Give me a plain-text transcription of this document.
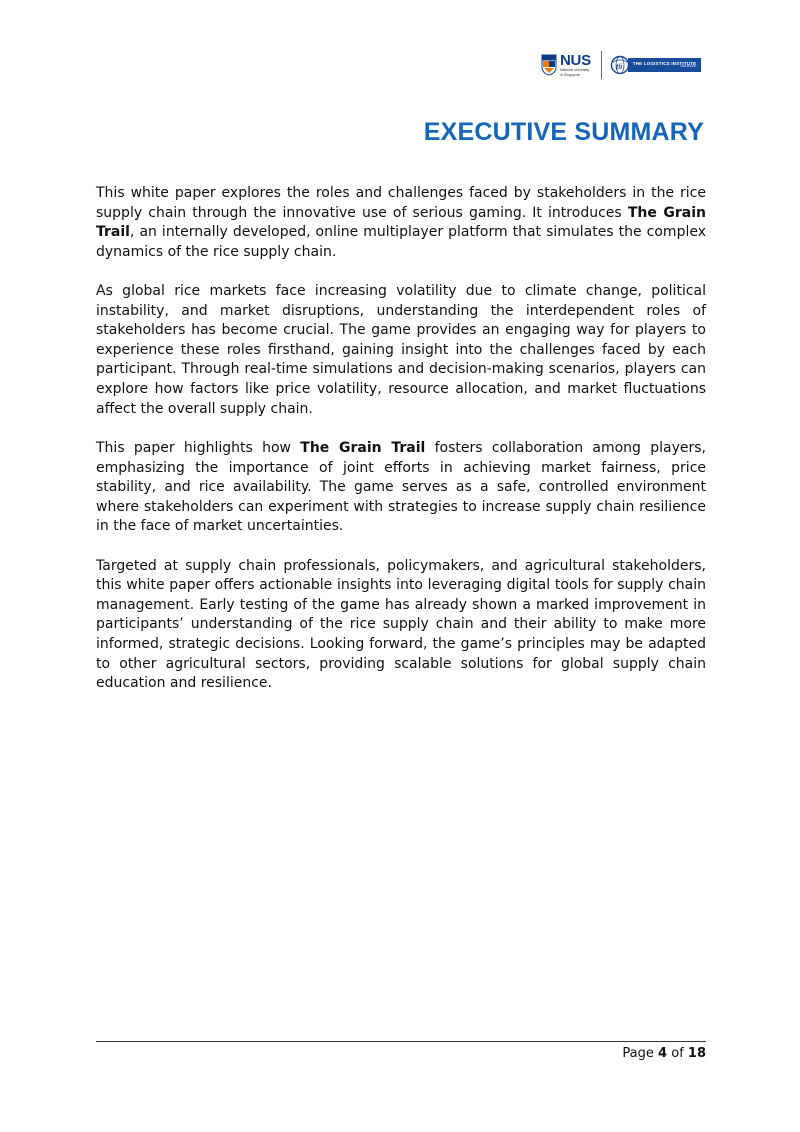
NUS
National University
of Singapore
tli
THE LOGISTICS INSTITUTE
ASIA PACIFIC
EXECUTIVE SUMMARY

This white paper explores the roles and challenges faced by stakeholders in the rice supply chain through the innovative use of serious gaming. It introduces The Grain Trail, an internally developed, online multiplayer platform that simulates the complex dynamics of the rice supply chain.

As global rice markets face increasing volatility due to climate change, political instability, and market disruptions, understanding the interdependent roles of stakeholders has become crucial. The game provides an engaging way for players to experience these roles firsthand, gaining insight into the challenges faced by each participant. Through real-time simulations and decision-making scenarios, players can explore how factors like price volatility, resource allocation, and market fluctuations affect the overall supply chain.

This paper highlights how The Grain Trail fosters collaboration among players, emphasizing the importance of joint efforts in achieving market fairness, price stability, and rice availability. The game serves as a safe, controlled environment where stakeholders can experiment with strategies to increase supply chain resilience in the face of market uncertainties.

Targeted at supply chain professionals, policymakers, and agricultural stakeholders, this white paper offers actionable insights into leveraging digital tools for supply chain management. Early testing of the game has already shown a marked improvement in participants’ understanding of the rice supply chain and their ability to make more informed, strategic decisions. Looking forward, the game’s principles may be adapted to other agricultural sectors, providing scalable solutions for global supply chain education and resilience.

Page 4 of 18
